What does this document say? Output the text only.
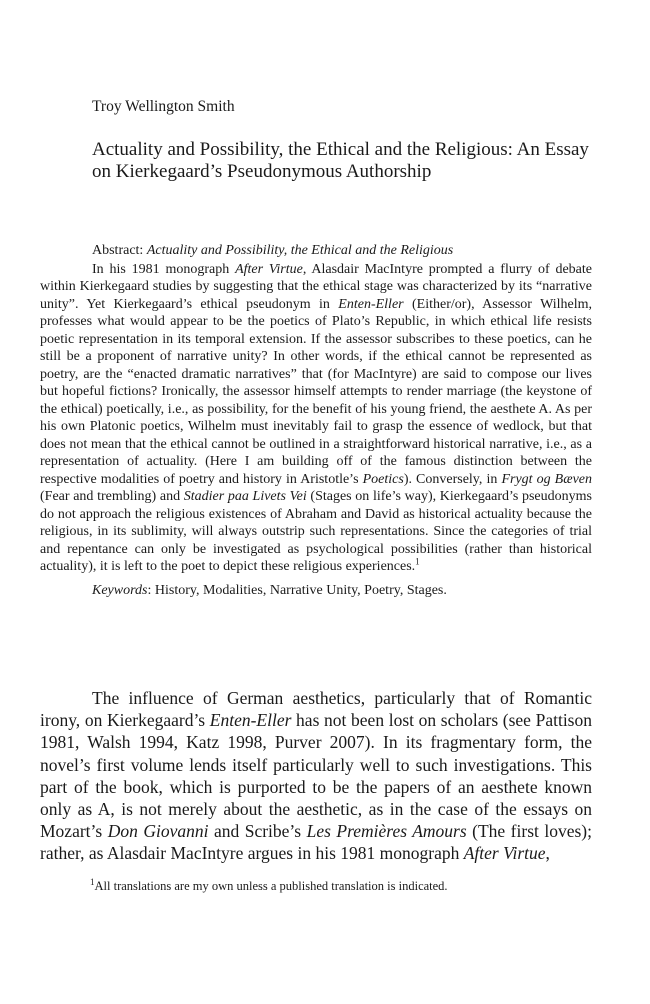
Troy Wellington Smith
Actuality and Possibility, the Ethical and the Religious: An Essay on Kierkegaard’s Pseudonymous Authorship

Abstract: Actuality and Possibility, the Ethical and the Religious

In his 1981 monograph After Virtue, Alasdair MacIntyre prompted a flurry of debate within Kierkegaard studies by suggesting that the ethical stage was characterized by its “narrative unity”. Yet Kierkegaard’s ethical pseudonym in Enten-Eller (Either/or), Assessor Wilhelm, professes what would appear to be the poetics of Plato’s Republic, in which ethical life resists poetic representation in its temporal extension. If the assessor subscribes to these poetics, can he still be a proponent of narrative unity? In other words, if the ethical cannot be represented as poetry, are the “enacted dramatic narratives” that (for MacIntyre) are said to compose our lives but hopeful fictions? Ironically, the assessor himself attempts to render marriage (the keystone of the ethical) poetically, i.e., as possibility, for the benefit of his young friend, the aesthete A. As per his own Platonic poetics, Wilhelm must inevitably fail to grasp the essence of wedlock, but that does not mean that the ethical cannot be outlined in a straightforward historical narrative, i.e., as a representation of actuality. (Here I am building off of the famous distinction between the respective modalities of poetry and history in Aristotle’s Poetics). Conversely, in Frygt og Bæven (Fear and trembling) and Stadier paa Livets Vei (Stages on life’s way), Kierkegaard’s pseudonyms do not approach the religious existences of Abraham and David as historical actuality because the religious, in its sublimity, will always outstrip such representations. Since the categories of trial and repentance can only be investigated as psychological possibilities (rather than historical actuality), it is left to the poet to depict these religious experiences.$^1$

Keywords: History, Modalities, Narrative Unity, Poetry, Stages.

The influence of German aesthetics, particularly that of Romantic irony, on Kierkegaard’s Enten-Eller has not been lost on scholars (see Pattison 1981, Walsh 1994, Katz 1998, Purver 2007). In its fragmentary form, the novel’s first volume lends itself particularly well to such investigations. This part of the book, which is purported to be the papers of an aesthete known only as A, is not merely about the aesthetic, as in the case of the essays on Mozart’s Don Giovanni and Scribe’s Les Premières Amours (The first loves); rather, as Alasdair MacIntyre argues in his 1981 monograph After Virtue,

$^1$All translations are my own unless a published translation is indicated.
